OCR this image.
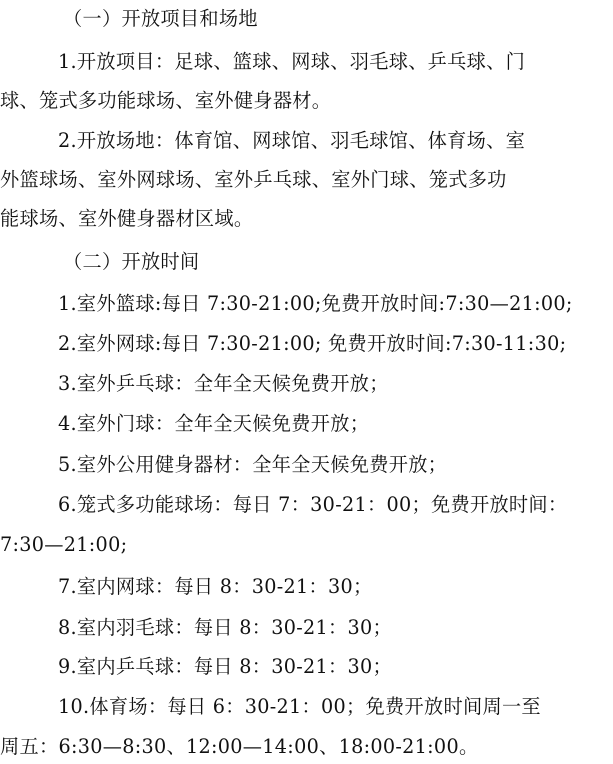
（一）开放项目和场地
1.开放项目：足球、篮球、网球、羽毛球、乒乓球、门
球、笼式多功能球场、室外健身器材。
2.开放场地：体育馆、网球馆、羽毛球馆、体育场、室
外篮球场、室外网球场、室外乒乓球、室外门球、笼式多功
能球场、室外健身器材区域。
（二）开放时间
1.室外篮球:每日 7:30-21:00;免费开放时间:7:30—21:00;
2.室外网球:每日 7:30-21:00; 免费开放时间:7:30-11:30;
3.室外乒乓球：全年全天候免费开放；
4.室外门球：全年全天候免费开放；
5.室外公用健身器材：全年全天候免费开放；
6.笼式多功能球场：每日 7：30-21：00；免费开放时间：
7:30—21:00;
7.室内网球：每日 8：30-21：30；
8.室内羽毛球：每日 8：30-21：30；
9.室内乒乓球：每日 8：30-21：30；
10.体育场：每日 6：30-21：00；免费开放时间周一至
周五：6:30—8:30、12:00—14:00、18:00-21:00。
